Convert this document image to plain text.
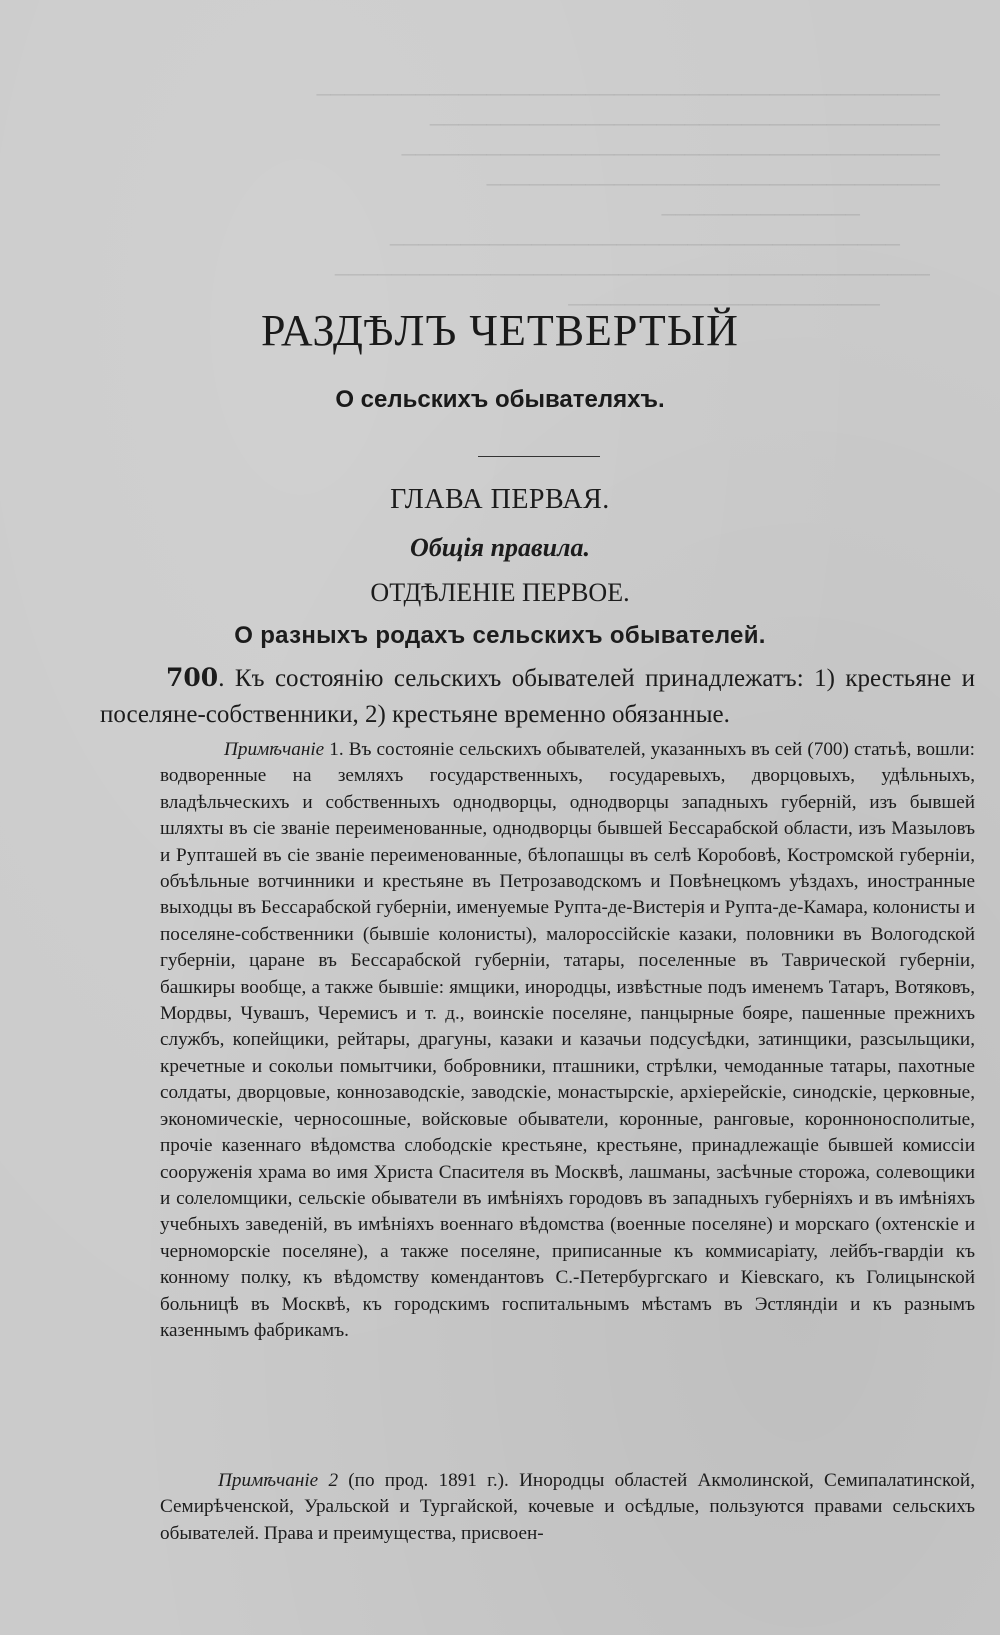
────────────────────────────────────────────
────────────────────────────────────
──────────────────────────────────────
────────────────────────────────
──────────────
────────────────────────────────────
──────────────────────────────────────────
──────────────────────

РАЗДѢЛЪ ЧЕТВЕРТЫЙ
О сельскихъ обывателяхъ.
ГЛАВА ПЕРВАЯ.
Общія правила.
ОТДѢЛЕНІЕ ПЕРВОЕ.
О разныхъ родахъ сельскихъ обывателей.

700. Къ состоянію сельскихъ обывателей принадлежатъ: 1) крестьяне и поселяне-собственники, 2) крестьяне временно обязанные.

Примѣчаніе 1. Въ состояніе сельскихъ обывателей, указанныхъ въ сей (700) статьѣ, вошли: водворенные на земляхъ государственныхъ, государевыхъ, дворцовыхъ, удѣльныхъ, владѣльческихъ и собственныхъ однодворцы, однодворцы западныхъ губерній, изъ бывшей шляхты въ сіе званіе переименованные, однодворцы бывшей Бессарабской области, изъ Мазыловъ и Рупташей въ сіе званіе переименованные, бѣлопашцы въ селѣ Коробовѣ, Костромской губерніи, объѣльные вотчинники и крестьяне въ Петрозаводскомъ и Повѣнецкомъ уѣздахъ, иностранные выходцы въ Бессарабской губерніи, именуемые Рупта-де-Вистерія и Рупта-де-Камара, колонисты и поселяне-собственники (бывшіе колонисты), малороссійскіе казаки, половники въ Вологодской губерніи, царане въ Бессарабской губерніи, татары, поселенные въ Таврической губерніи, башкиры вообще, а также бывшіе: ямщики, инородцы, извѣстные подъ именемъ Татаръ, Вотяковъ, Мордвы, Чувашъ, Черемисъ и т. д., воинскіе поселяне, панцырные бояре, пашенные прежнихъ службъ, копейщики, рейтары, драгуны, казаки и казачьи подсусѣдки, затинщики, разсыльщики, кречетные и сокольи помытчики, бобровники, пташники, стрѣлки, чемоданные татары, пахотные солдаты, дворцовые, коннозаводскіе, заводскіе, монастырскіе, архіерейскіе, синодскіе, церковные, экономическіе, черносошные, войсковые обыватели, коронные, ранговые, коронноносполитые, прочіе казеннаго вѣдомства слободскіе крестьяне, крестьяне, принадлежащіе бывшей комиссіи сооруженія храма во имя Христа Спасителя въ Москвѣ, лашманы, засѣчные сторожа, солевощики и солеломщики, сельскіе обыватели въ имѣніяхъ городовъ въ западныхъ губерніяхъ и въ имѣніяхъ учебныхъ заведеній, въ имѣніяхъ военнаго вѣдомства (военные поселяне) и морскаго (охтенскіе и черноморскіе поселяне), а также поселяне, приписанные къ коммисаріату, лейбъ-гвардіи къ конному полку, къ вѣдомству комендантовъ С.-Петербургскаго и Кіевскаго, къ Голицынской больницѣ въ Москвѣ, къ городскимъ госпитальнымъ мѣстамъ въ Эстляндіи и къ разнымъ казеннымъ фабрикамъ.

Примѣчаніе 2 (по прод. 1891 г.). Инородцы областей Акмолинской, Семипалатинской, Семирѣченской, Уральской и Тургайской, кочевые и осѣдлые, пользуются правами сельскихъ обывателей. Права и преимущества, присвоен-
